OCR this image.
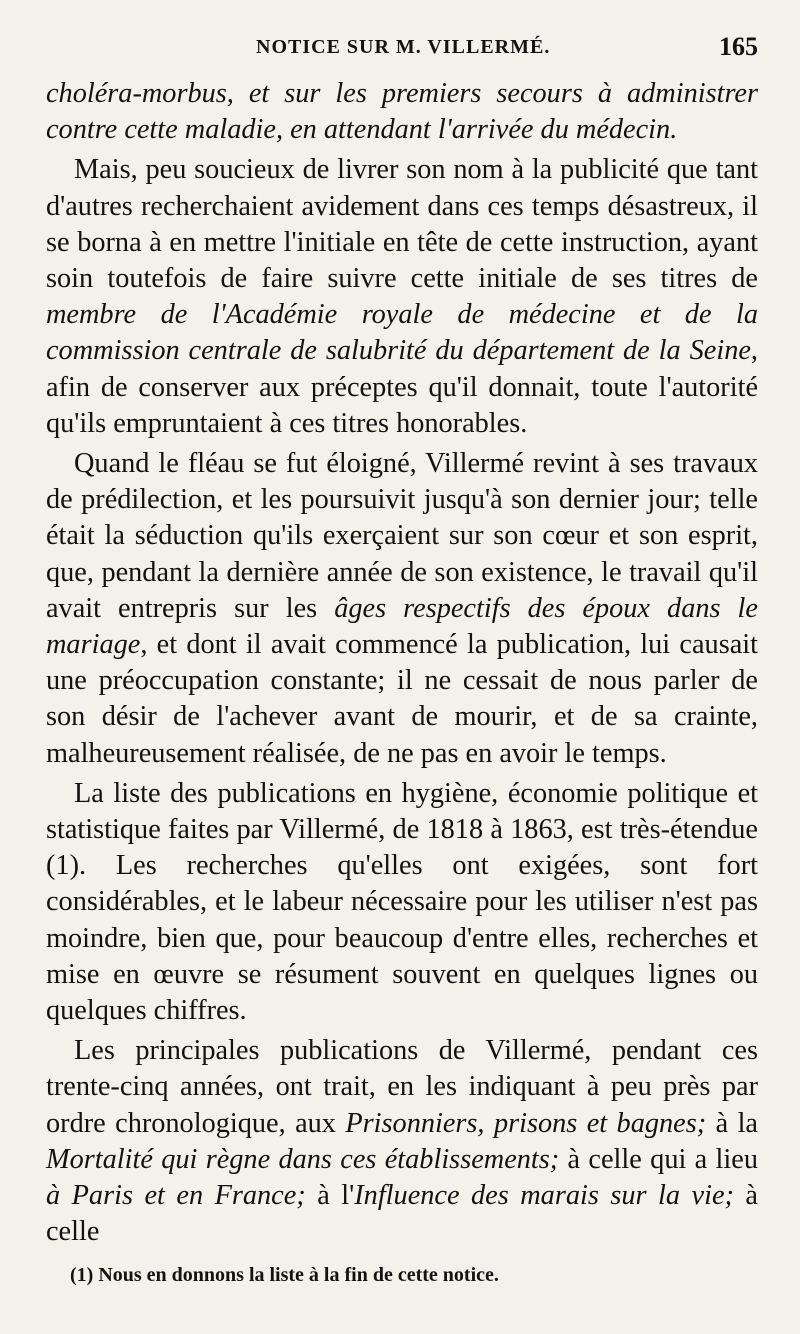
NOTICE SUR M. VILLERMÉ.	165

choléra-morbus, et sur les premiers secours à administrer contre cette maladie, en attendant l'arrivée du médecin.

Mais, peu soucieux de livrer son nom à la publicité que tant d'autres recherchaient avidement dans ces temps désastreux, il se borna à en mettre l'initiale en tête de cette instruction, ayant soin toutefois de faire suivre cette initiale de ses titres de membre de l'Académie royale de médecine et de la commission centrale de salubrité du département de la Seine, afin de conserver aux préceptes qu'il donnait, toute l'autorité qu'ils empruntaient à ces titres honorables.

Quand le fléau se fut éloigné, Villermé revint à ses travaux de prédilection, et les poursuivit jusqu'à son dernier jour; telle était la séduction qu'ils exerçaient sur son cœur et son esprit, que, pendant la dernière année de son existence, le travail qu'il avait entrepris sur les âges respectifs des époux dans le mariage, et dont il avait commencé la publication, lui causait une préoccupation constante; il ne cessait de nous parler de son désir de l'achever avant de mourir, et de sa crainte, malheureusement réalisée, de ne pas en avoir le temps.

La liste des publications en hygiène, économie politique et statistique faites par Villermé, de 1818 à 1863, est très-étendue (1). Les recherches qu'elles ont exigées, sont fort considérables, et le labeur nécessaire pour les utiliser n'est pas moindre, bien que, pour beaucoup d'entre elles, recherches et mise en œuvre se résument souvent en quelques lignes ou quelques chiffres.

Les principales publications de Villermé, pendant ces trente-cinq années, ont trait, en les indiquant à peu près par ordre chronologique, aux Prisonniers, prisons et bagnes; à la Mortalité qui règne dans ces établissements; à celle qui a lieu à Paris et en France; à l'Influence des marais sur la vie; à celle

(1) Nous en donnons la liste à la fin de cette notice.
